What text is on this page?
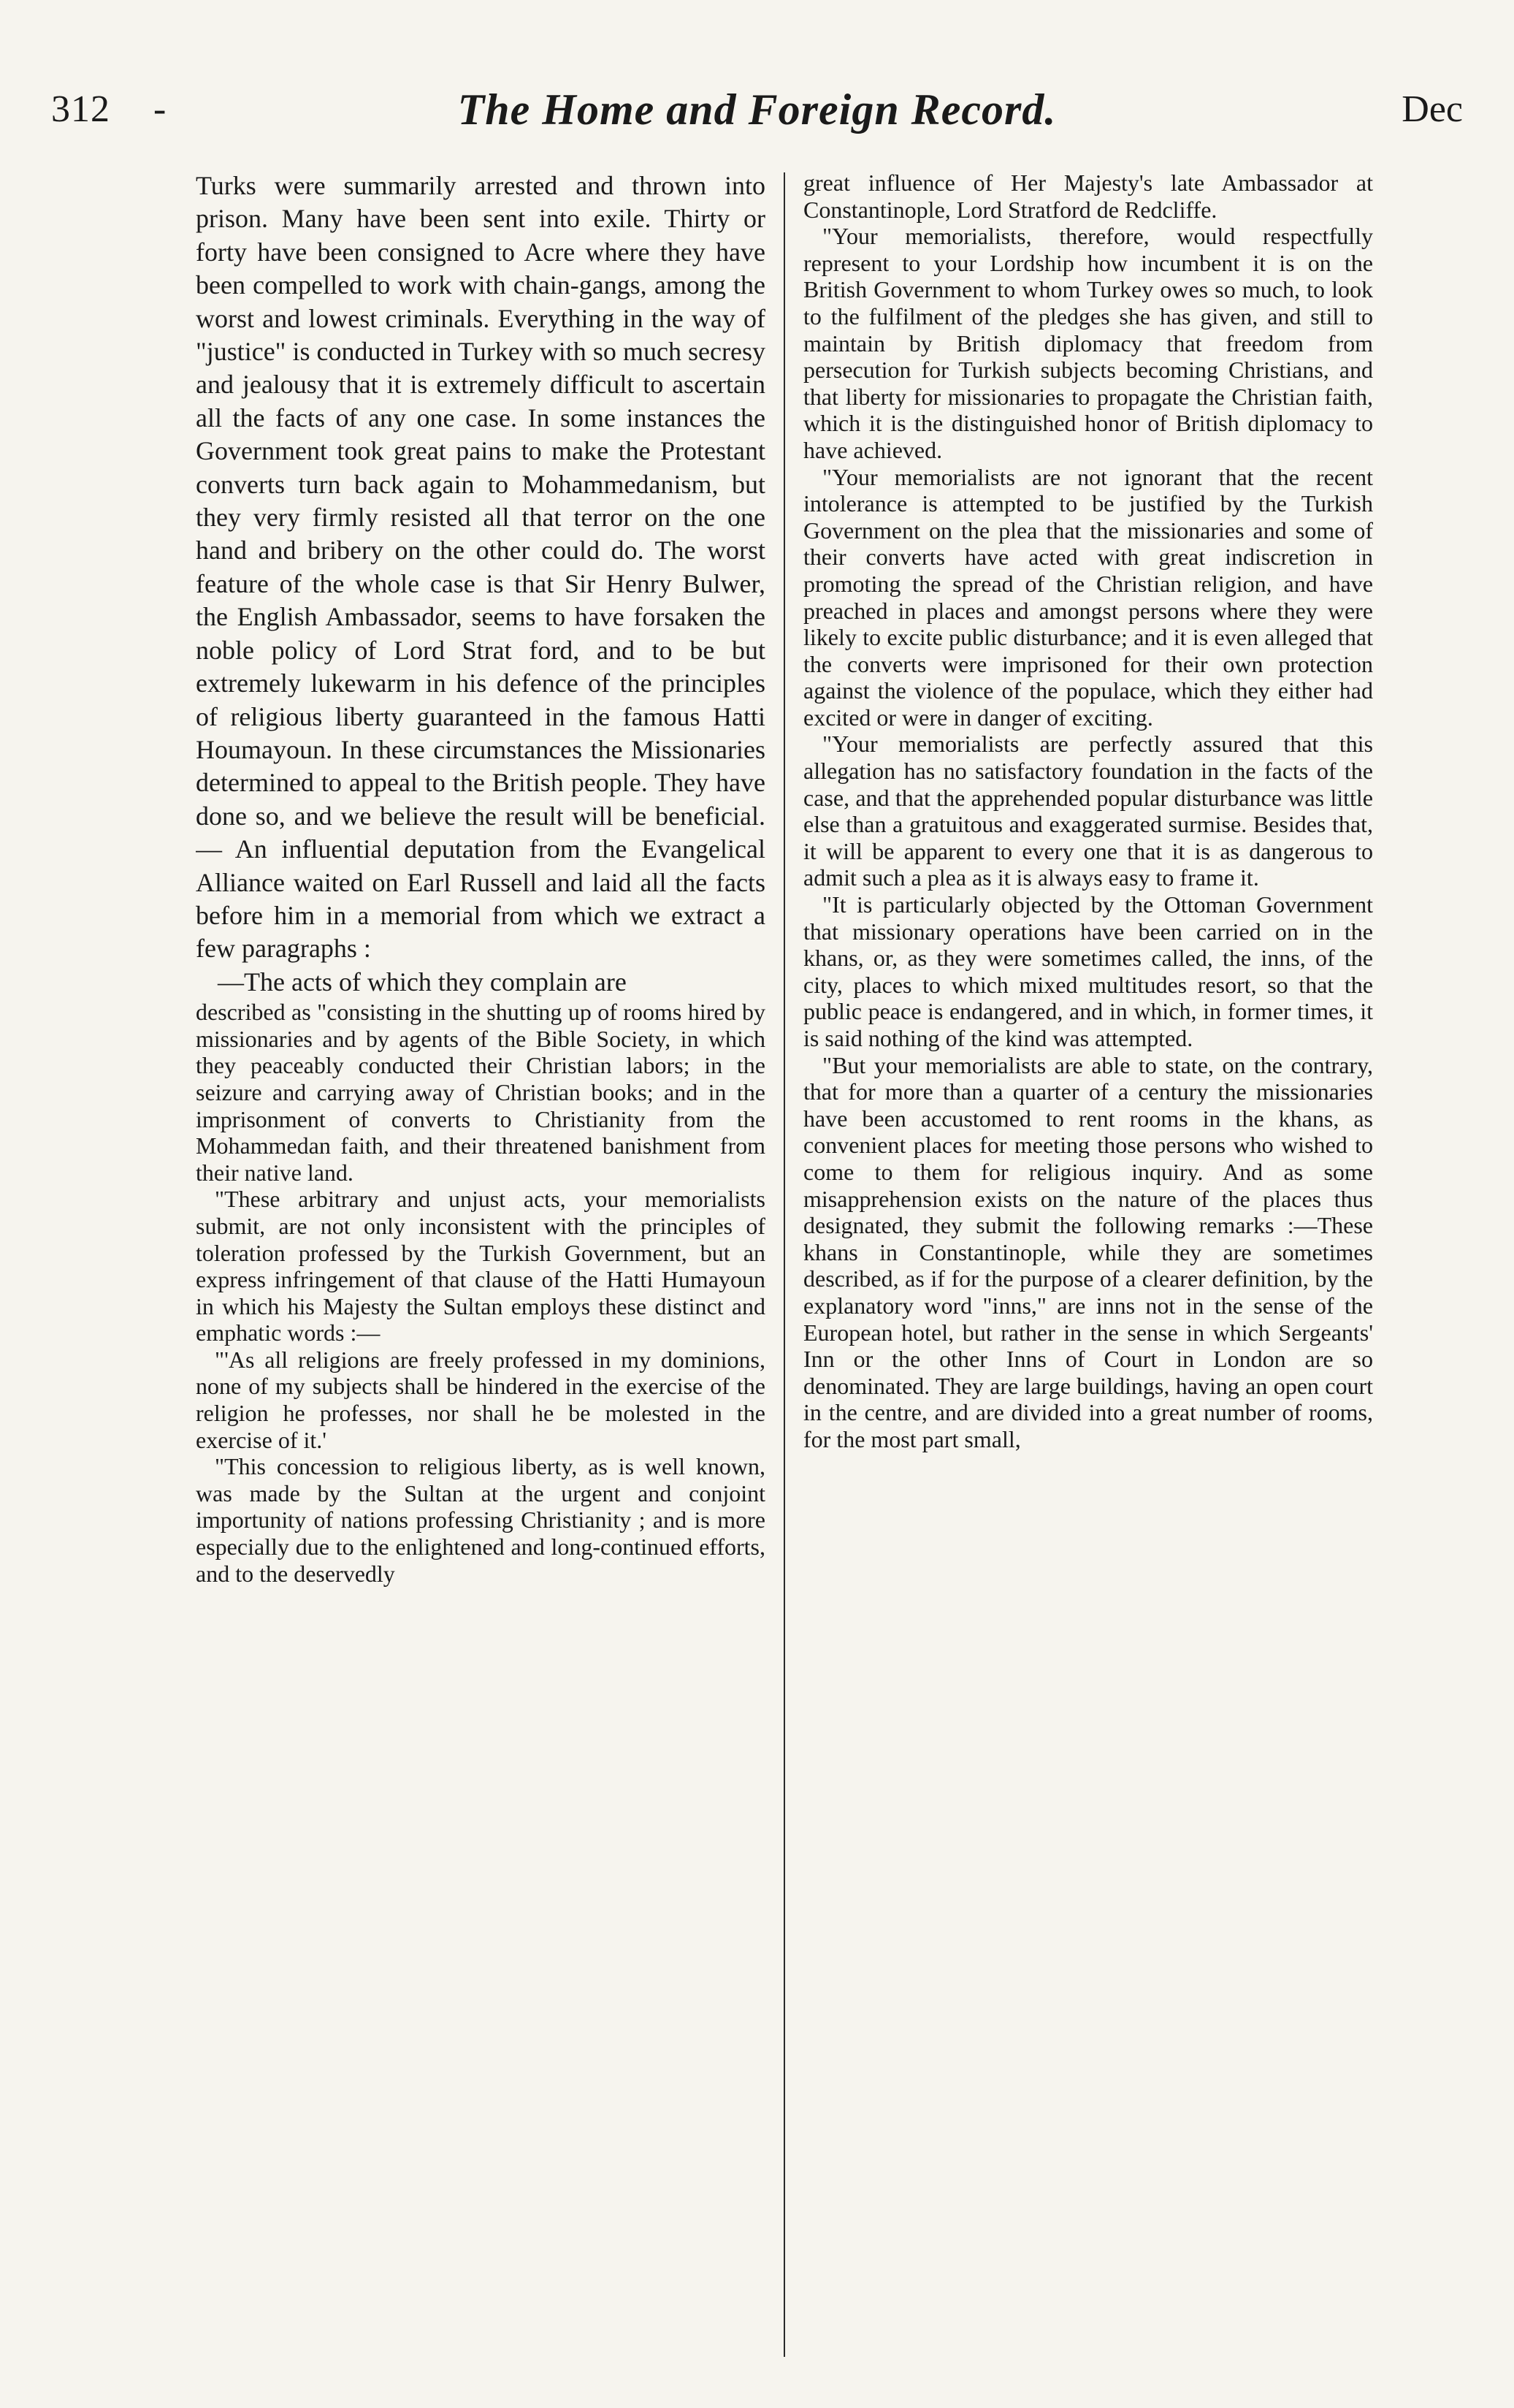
312 -	The Home and Foreign Record.	Dec

Turks were summarily arrested and thrown into prison. Many have been sent into exile. Thirty or forty have been consigned to Acre where they have been compelled to work with chain-gangs, among the worst and lowest criminals. Everything in the way of "justice" is conducted in Turkey with so much secresy and jealousy that it is extremely difficult to ascertain all the facts of any one case. In some instances the Government took great pains to make the Protestant converts turn back again to Mohammedanism, but they very firmly resisted all that terror on the one hand and bribery on the other could do. The worst feature of the whole case is that Sir Henry Bulwer, the English Ambassador, seems to have forsaken the noble policy of Lord Strat ford, and to be but extremely lukewarm in his defence of the principles of religious liberty guaranteed in the famous Hatti Houmayoun. In these circumstances the Missionaries determined to appeal to the British people. They have done so, and we believe the result will be beneficial.— An influential deputation from the Evangelical Alliance waited on Earl Russell and laid all the facts before him in a memorial from which we extract a few paragraphs :

—The acts of which they complain are

described as "consisting in the shutting up of rooms hired by missionaries and by agents of the Bible Society, in which they peaceably conducted their Christian labors; in the seizure and carrying away of Christian books; and in the imprisonment of converts to Christianity from the Mohammedan faith, and their threatened banishment from their native land.

"These arbitrary and unjust acts, your memorialists submit, are not only inconsistent with the principles of toleration professed by the Turkish Government, but an express infringement of that clause of the Hatti Humayoun in which his Majesty the Sultan employs these distinct and emphatic words :—

"'As all religions are freely professed in my dominions, none of my subjects shall be hindered in the exercise of the religion he professes, nor shall he be molested in the exercise of it.'

"This concession to religious liberty, as is well known, was made by the Sultan at the urgent and conjoint importunity of nations professing Christianity ; and is more especially due to the enlightened and long-continued efforts, and to the deservedly

great influence of Her Majesty's late Ambassador at Constantinople, Lord Stratford de Redcliffe.

"Your memorialists, therefore, would respectfully represent to your Lordship how incumbent it is on the British Government to whom Turkey owes so much, to look to the fulfilment of the pledges she has given, and still to maintain by British diplomacy that freedom from persecution for Turkish subjects becoming Christians, and that liberty for missionaries to propagate the Christian faith, which it is the distinguished honor of British diplomacy to have achieved.

"Your memorialists are not ignorant that the recent intolerance is attempted to be justified by the Turkish Government on the plea that the missionaries and some of their converts have acted with great indiscretion in promoting the spread of the Christian religion, and have preached in places and amongst persons where they were likely to excite public disturbance; and it is even alleged that the converts were imprisoned for their own protection against the violence of the populace, which they either had excited or were in danger of exciting.

"Your memorialists are perfectly assured that this allegation has no satisfactory foundation in the facts of the case, and that the apprehended popular disturbance was little else than a gratuitous and exaggerated surmise. Besides that, it will be apparent to every one that it is as dangerous to admit such a plea as it is always easy to frame it.

"It is particularly objected by the Ottoman Government that missionary operations have been carried on in the khans, or, as they were sometimes called, the inns, of the city, places to which mixed multitudes resort, so that the public peace is endangered, and in which, in former times, it is said nothing of the kind was attempted.

"But your memorialists are able to state, on the contrary, that for more than a quarter of a century the missionaries have been accustomed to rent rooms in the khans, as convenient places for meeting those persons who wished to come to them for religious inquiry. And as some misapprehension exists on the nature of the places thus designated, they submit the following remarks :—These khans in Constantinople, while they are sometimes described, as if for the purpose of a clearer definition, by the explanatory word "inns," are inns not in the sense of the European hotel, but rather in the sense in which Sergeants' Inn or the other Inns of Court in London are so denominated. They are large buildings, having an open court in the centre, and are divided into a great number of rooms, for the most part small,
